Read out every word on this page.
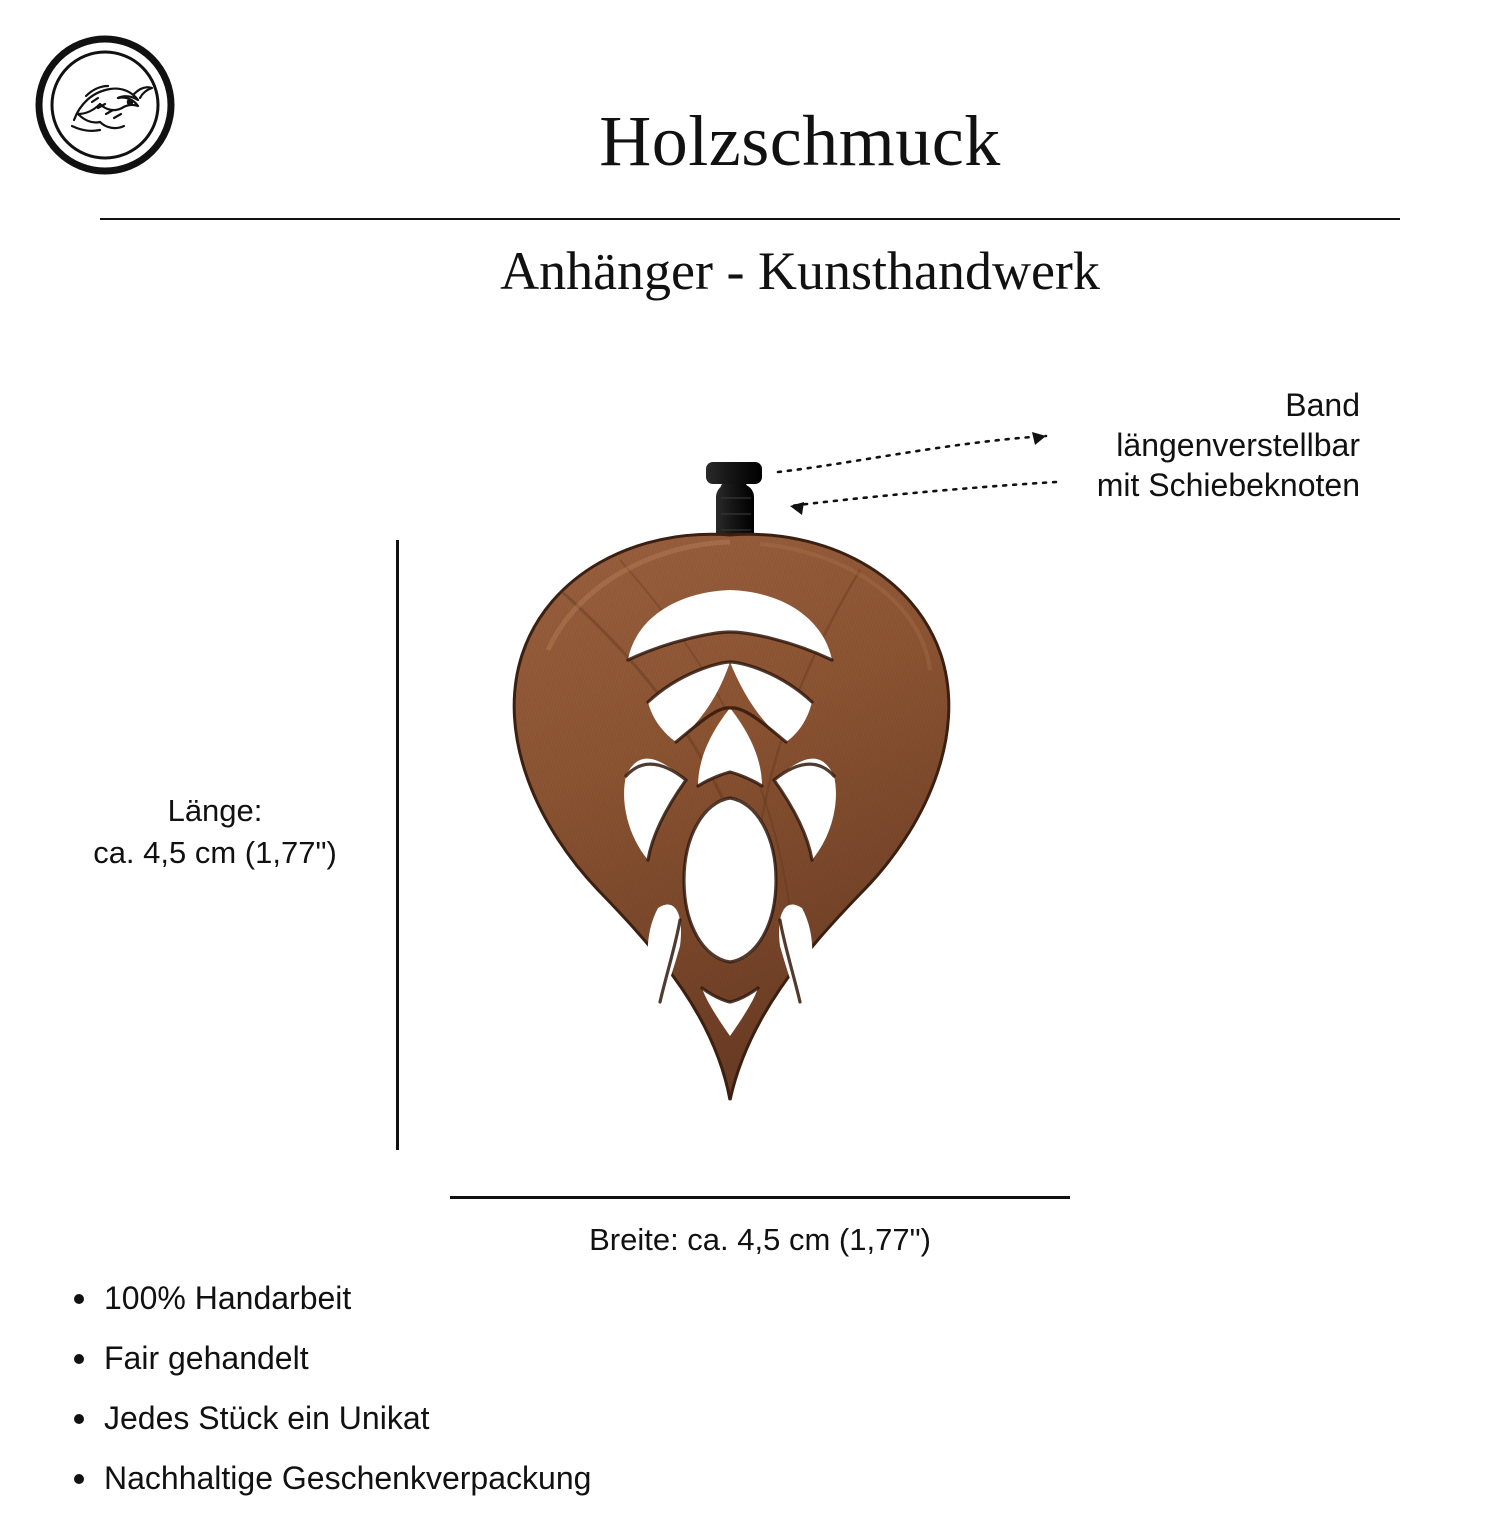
Holzschmuck
Anhänger - Kunsthandwerk
Band
längenverstellbar
mit Schiebeknoten
Länge:
ca. 4,5 cm (1,77")
Breite: ca. 4,5 cm (1,77")
100% Handarbeit
Fair gehandelt
Jedes Stück ein Unikat
Nachhaltige Geschenkverpackung
